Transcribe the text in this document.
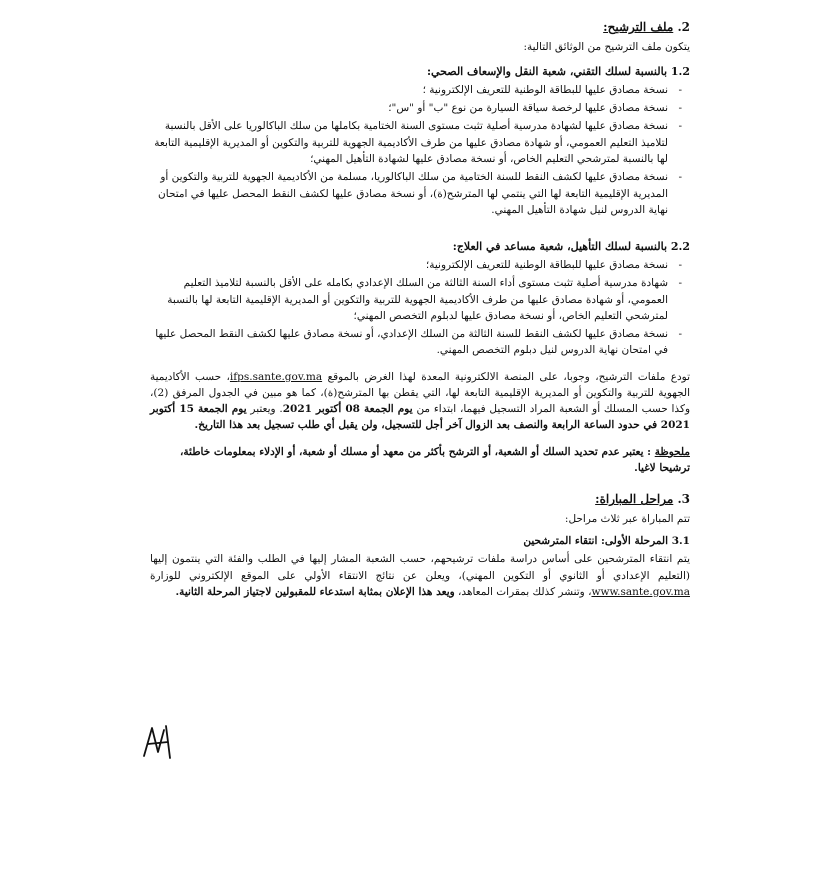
2. ملف الترشيح:

يتكون ملف الترشيح من الوثائق التالية:

1.2 بالنسبة لسلك التقني، شعبة النقل والإسعاف الصحي:

-
نسخة مصادق عليها للبطاقة الوطنية للتعريف الإلكترونية ؛
-
نسخة مصادق عليها لرخصة سياقة السيارة من نوع "ب" أو "س"؛
-
نسخة مصادق عليها لشهادة مدرسية أصلية تثبت مستوى السنة الختامية بكاملها من سلك الباكالوريا على الأقل بالنسبة لتلاميذ التعليم العمومي، أو شهادة مصادق عليها من طرف الأكاديمية الجهوية للتربية والتكوين أو المديرية الإقليمية التابعة لها بالنسبة لمترشحي التعليم الخاص، أو نسخة مصادق عليها لشهادة التأهيل المهني؛
-
نسخة مصادق عليها لكشف النقط للسنة الختامية من سلك الباكالوريا، مسلمة من الأكاديمية الجهوية للتربية والتكوين أو المديرية الإقليمية التابعة لها التي ينتمي لها المترشح(ة)، أو نسخة مصادق عليها لكشف النقط المحصل عليها في امتحان نهاية الدروس لنيل شهادة التأهيل المهني.

2.2 بالنسبة لسلك التأهيل، شعبة مساعد في العلاج:

-
نسخة مصادق عليها للبطاقة الوطنية للتعريف الإلكترونية؛
-
شهادة مدرسية أصلية تثبت مستوى أداء السنة الثالثة من السلك الإعدادي بكامله على الأقل بالنسبة لتلاميذ التعليم العمومي، أو شهادة مصادق عليها من طرف الأكاديمية الجهوية للتربية والتكوين أو المديرية الإقليمية التابعة لها بالنسبة لمترشحي التعليم الخاص، أو نسخة مصادق عليها لدبلوم التخصص المهني؛
-
نسخة مصادق عليها لكشف النقط للسنة الثالثة من السلك الإعدادي، أو نسخة مصادق عليها لكشف النقط المحصل عليها في امتحان نهاية الدروس لنيل دبلوم التخصص المهني.

تودع ملفات الترشيح، وجوبا، على المنصة الالكترونية المعدة لهذا الغرض بالموقع ifps.sante.gov.ma، حسب الأكاديمية الجهوية للتربية والتكوين أو المديرية الإقليمية التابعة لها، التي يقطن بها المترشح(ة)، كما هو مبين في الجدول المرفق (2)، وكذا حسب المسلك أو الشعبة المراد التسجيل فيهما، ابتداء من يوم الجمعة 08 أكتوبر 2021. ويعتبر يوم الجمعة 15 أكتوبر 2021 في حدود الساعة الرابعة والنصف بعد الزوال آخر أجل للتسجيل، ولن يقبل أي طلب تسجيل بعد هذا التاريخ.

ملحوظة : يعتبر عدم تحديد السلك أو الشعبة، أو الترشح بأكثر من معهد أو مسلك أو شعبة، أو الإدلاء بمعلومات خاطئة، ترشيحا لاغيا.

3. مراحل المباراة:

تتم المباراة عبر ثلاث مراحل:

3.1 المرحلة الأولى: انتقاء المترشحين

يتم انتقاء المترشحين على أساس دراسة ملفات ترشيحهم، حسب الشعبة المشار إليها في الطلب والفئة التي ينتمون إليها (التعليم الإعدادي أو الثانوي أو التكوين المهني)، ويعلن عن نتائج الانتقاء الأولي على الموقع الإلكتروني للوزارة www.sante.gov.ma، وتنشر كذلك بمقرات المعاهد، ويعد هذا الإعلان بمثابة استدعاء للمقبولين لاجتياز المرحلة الثانية.
